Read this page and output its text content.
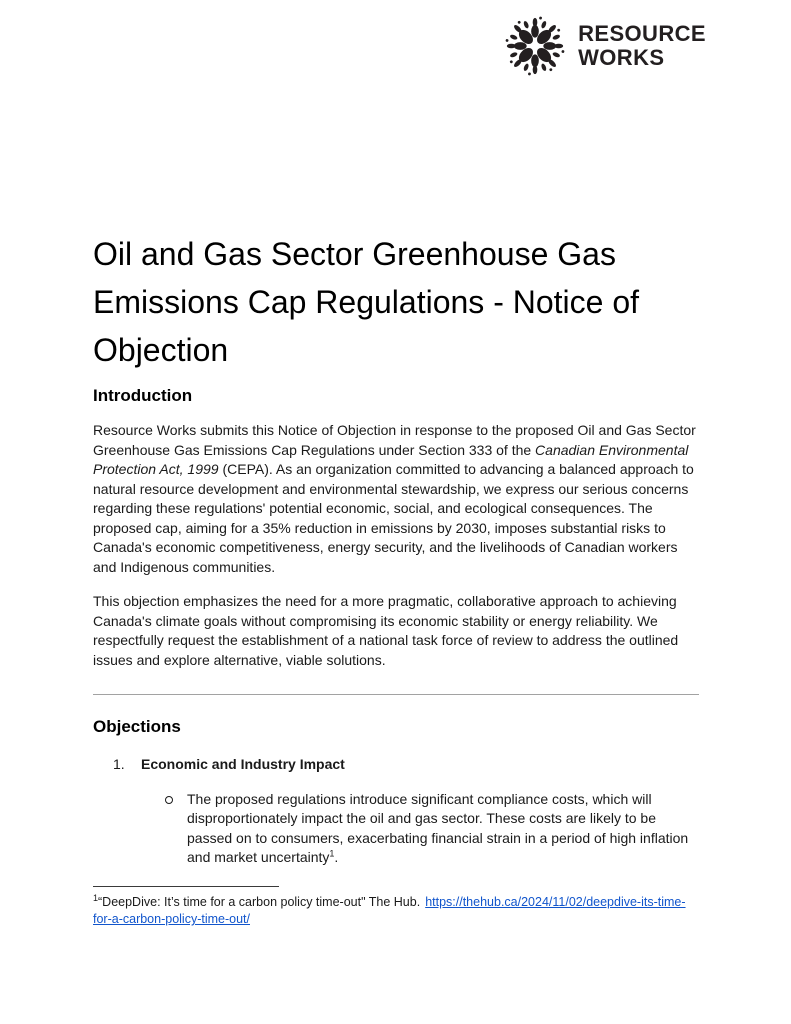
RESOURCE
WORKS
Oil and Gas Sector Greenhouse Gas Emissions Cap Regulations - Notice of Objection
Introduction

Resource Works submits this Notice of Objection in response to the proposed Oil and Gas Sector Greenhouse Gas Emissions Cap Regulations under Section 333 of the Canadian Environmental Protection Act, 1999 (CEPA). As an organization committed to advancing a balanced approach to natural resource development and environmental stewardship, we express our serious concerns regarding these regulations' potential economic, social, and ecological consequences. The proposed cap, aiming for a 35% reduction in emissions by 2030, imposes substantial risks to Canada's economic competitiveness, energy security, and the livelihoods of Canadian workers and Indigenous communities.

This objection emphasizes the need for a more pragmatic, collaborative approach to achieving Canada's climate goals without compromising its economic stability or energy reliability. We respectfully request the establishment of a national task force of review to address the outlined issues and explore alternative, viable solutions.

Objections
1.	Economic and Industry Impact
The proposed regulations introduce significant compliance costs, which will disproportionately impact the oil and gas sector. These costs are likely to be passed on to consumers, exacerbating financial strain in a period of high inflation and market uncertainty$^1$.
$^1$“DeepDive: It’s time for a carbon policy time-out" The Hub. https://thehub.ca/2024/11/02/deepdive-its-time-for-a-carbon-policy-time-out/
